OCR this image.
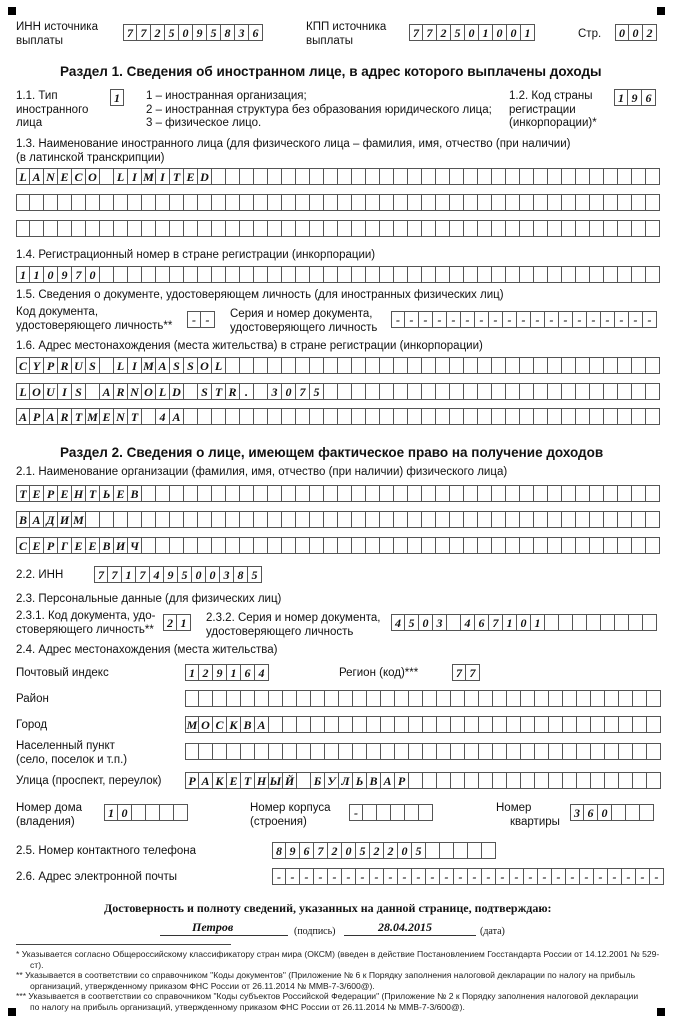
ИНН источника
выплаты
7 7 2 5 0 9 5 8 3 6	КПП источника
выплаты
7 7 2 5 0 1 0 0 1	Стр.	0 0 2
Раздел 1. Сведения об иностранном лице, в адрес которого выплачены доходы
1.1. Тип
иностранного
лица
1	1 – иностранная организация;
2 – иностранная структура без образования юридического лица;
3 – физическое лицо.
1.2. Код страны
регистрации
(инкорпорации)*
1 9 6
1.3. Наименование иностранного лица (для физического лица – фамилия, имя, отчество (при наличии)
(в латинской транскрипции)
L A N E C O L I M I T E D
1.4. Регистрационный номер в стране регистрации (инкорпорации)
1 1 0 9 7 0
1.5. Сведения о документе, удостоверяющем личность (для иностранных физических лиц)
Код документа,
удостоверяющего личность**	- -	Серия и номер документа,
удостоверяющего личность
- - - - - - - - - - - - - - - - - - -
1.6. Адрес местонахождения (места жительства) в стране регистрации (инкорпорации)
C Y P R U S	L I M A S S O L
L O U I S	A R N O L D S T R .	3 0 7 5
A P A R T M E N T	4 A
Раздел 2. Сведения о лице, имеющем фактическое право на получение доходов
2.1. Наименование организации (фамилия, имя, отчество (при наличии) физического лица)
Т Е Р Е Н Т Ь Е В
В А Д И М
С Е Р Г Е Е В И Ч
2.2. ИНН	7 7 1 7 4 9 5 0 0 3 8 5
2.3. Персональные данные (для физических лиц)
2.3.1. Код документа, удо-
стоверяющего личность**	2 1	2.3.2. Серия и номер документа,
удостоверяющего личность
4 5 0 3	4 6 7 1 0 1
2.4. Адрес местонахождения (места жительства)
Почтовый индекс	1 2 9 1 6 4	Регион (код)***	7 7
Район
Город	М О С К В А
Населенный пункт
(село, поселок и т.п.)
Улица (проспект, переулок) Р А К Е Т Н Ы Й Б У Л Ь В А Р
Номер дома
(владения)
1 0	Номер корпуса
(строения)
-	Номер
квартиры
3 6 0
2.5. Номер контактного телефона	8 9 6 7 2 0 5 2 2 0 5
2.6. Адрес электронной почты	- - - - - - - - - - - - - - - - - - - - - - - - - - - -
Достоверность и полноту сведений, указанных на данной странице, подтверждаю:
Петров	(подпись)	28.04.2015	(дата)
* Указывается согласно Общероссийскому классификатору стран мира (ОКСМ) (введен в действие Постановлением Госстандарта России от 14.12.2001 № 529-
ст).
** Указывается в соответствии со справочником "Коды документов" (Приложение № 6 к Порядку заполнения налоговой декларации по налогу на прибыль
организаций, утвержденному приказом ФНС России от 26.11.2014 № ММВ-7-3/600@).
*** Указывается в соответствии со справочником "Коды субъектов Российской Федерации" (Приложение № 2 к Порядку заполнения налоговой декларации
по налогу на прибыль организаций, утвержденному приказом ФНС России от 26.11.2014 № ММВ-7-3/600@).
